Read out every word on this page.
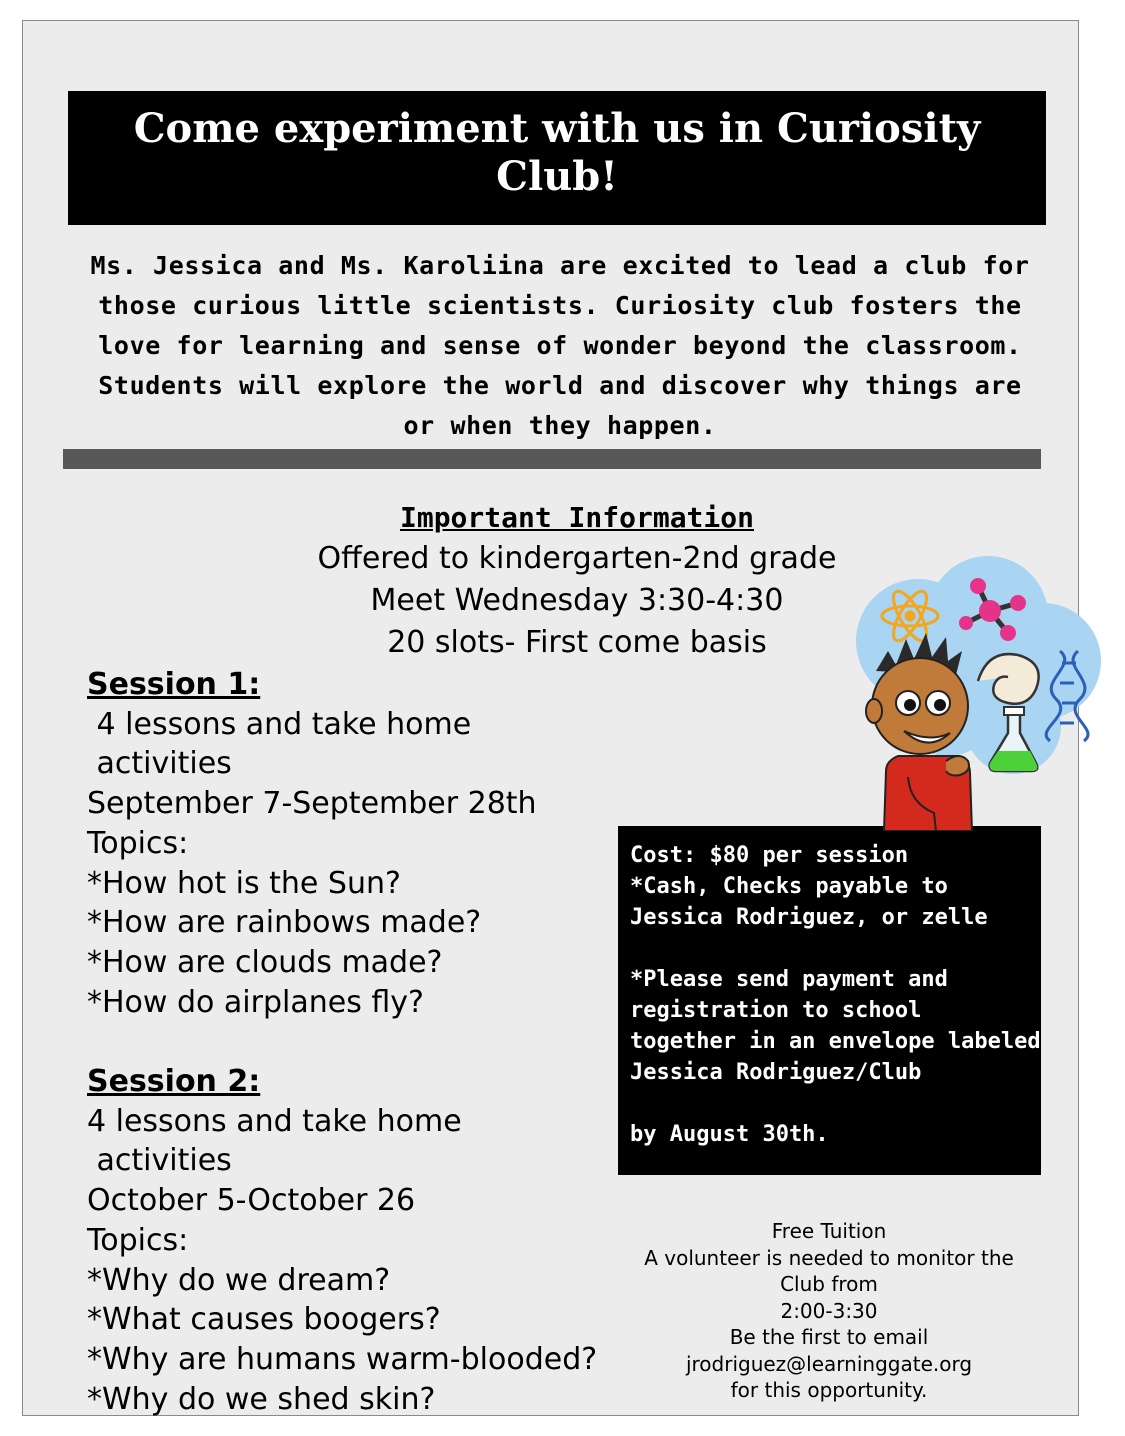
Come experiment with us in Curiosity Club!
Ms. Jessica and Ms. Karoliina are excited to lead a club for those curious little scientists. Curiosity club fosters the love for learning and sense of wonder beyond the classroom. Students will explore the world and discover why things are or when they happen.
Important Information
Offered to kindergarten-2nd grade
Meet Wednesday 3:30-4:30
20 slots- First come basis
Session 1:
4 lessons and take home
activities
September 7-September 28th
Topics:
*How hot is the Sun?
*How are rainbows made?
*How are clouds made?
*How do airplanes fly?
Session 2:
4 lessons and take home
activities
October 5-October 26
Topics:
*Why do we dream?
*What causes boogers?
*Why are humans warm-blooded?
*Why do we shed skin?
Cost: $80 per session
*Cash, Checks payable to
Jessica Rodriguez, or zelle
*Please send payment and
registration to school
together in an envelope labeled
Jessica Rodriguez/Club
by August 30th.
Free Tuition
A volunteer is needed to monitor the
Club from
2:00-3:30
Be the first to email
jrodriguez@learninggate.org
for this opportunity.
